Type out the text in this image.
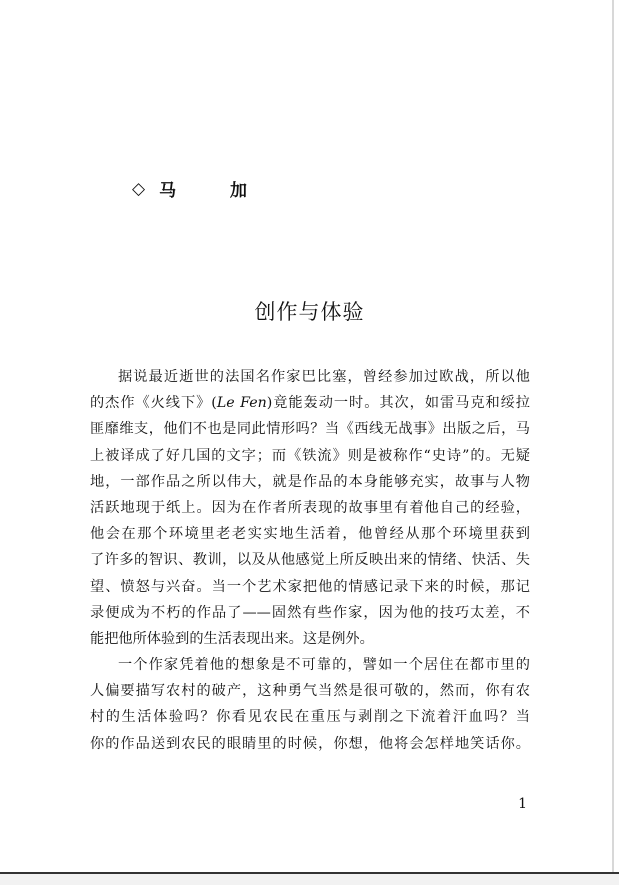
◇ 马 加
创作与体验
据说最近逝世的法国名作家巴比塞，曾经参加过欧战，所以他
的杰作《火线下》(Le Fen)竟能轰动一时。其次，如雷马克和绥拉
匪靡维支，他们不也是同此情形吗？当《西线无战事》出版之后，马
上被译成了好几国的文字；而《铁流》则是被称作“史诗”的。无疑
地，一部作品之所以伟大，就是作品的本身能够充实，故事与人物
活跃地现于纸上。因为在作者所表现的故事里有着他自己的经验，
他会在那个环境里老老实实地生活着，他曾经从那个环境里获到
了许多的智识、教训，以及从他感觉上所反映出来的情绪、快活、失
望、愤怒与兴奋。当一个艺术家把他的情感记录下来的时候，那记
录便成为不朽的作品了——固然有些作家，因为他的技巧太差，不
能把他所体验到的生活表现出来。这是例外。
一个作家凭着他的想象是不可靠的，譬如一个居住在都市里的
人偏要描写农村的破产，这种勇气当然是很可敬的，然而，你有农
村的生活体验吗？你看见农民在重压与剥削之下流着汗血吗？当
你的作品送到农民的眼睛里的时候，你想，他将会怎样地笑话你。
1
